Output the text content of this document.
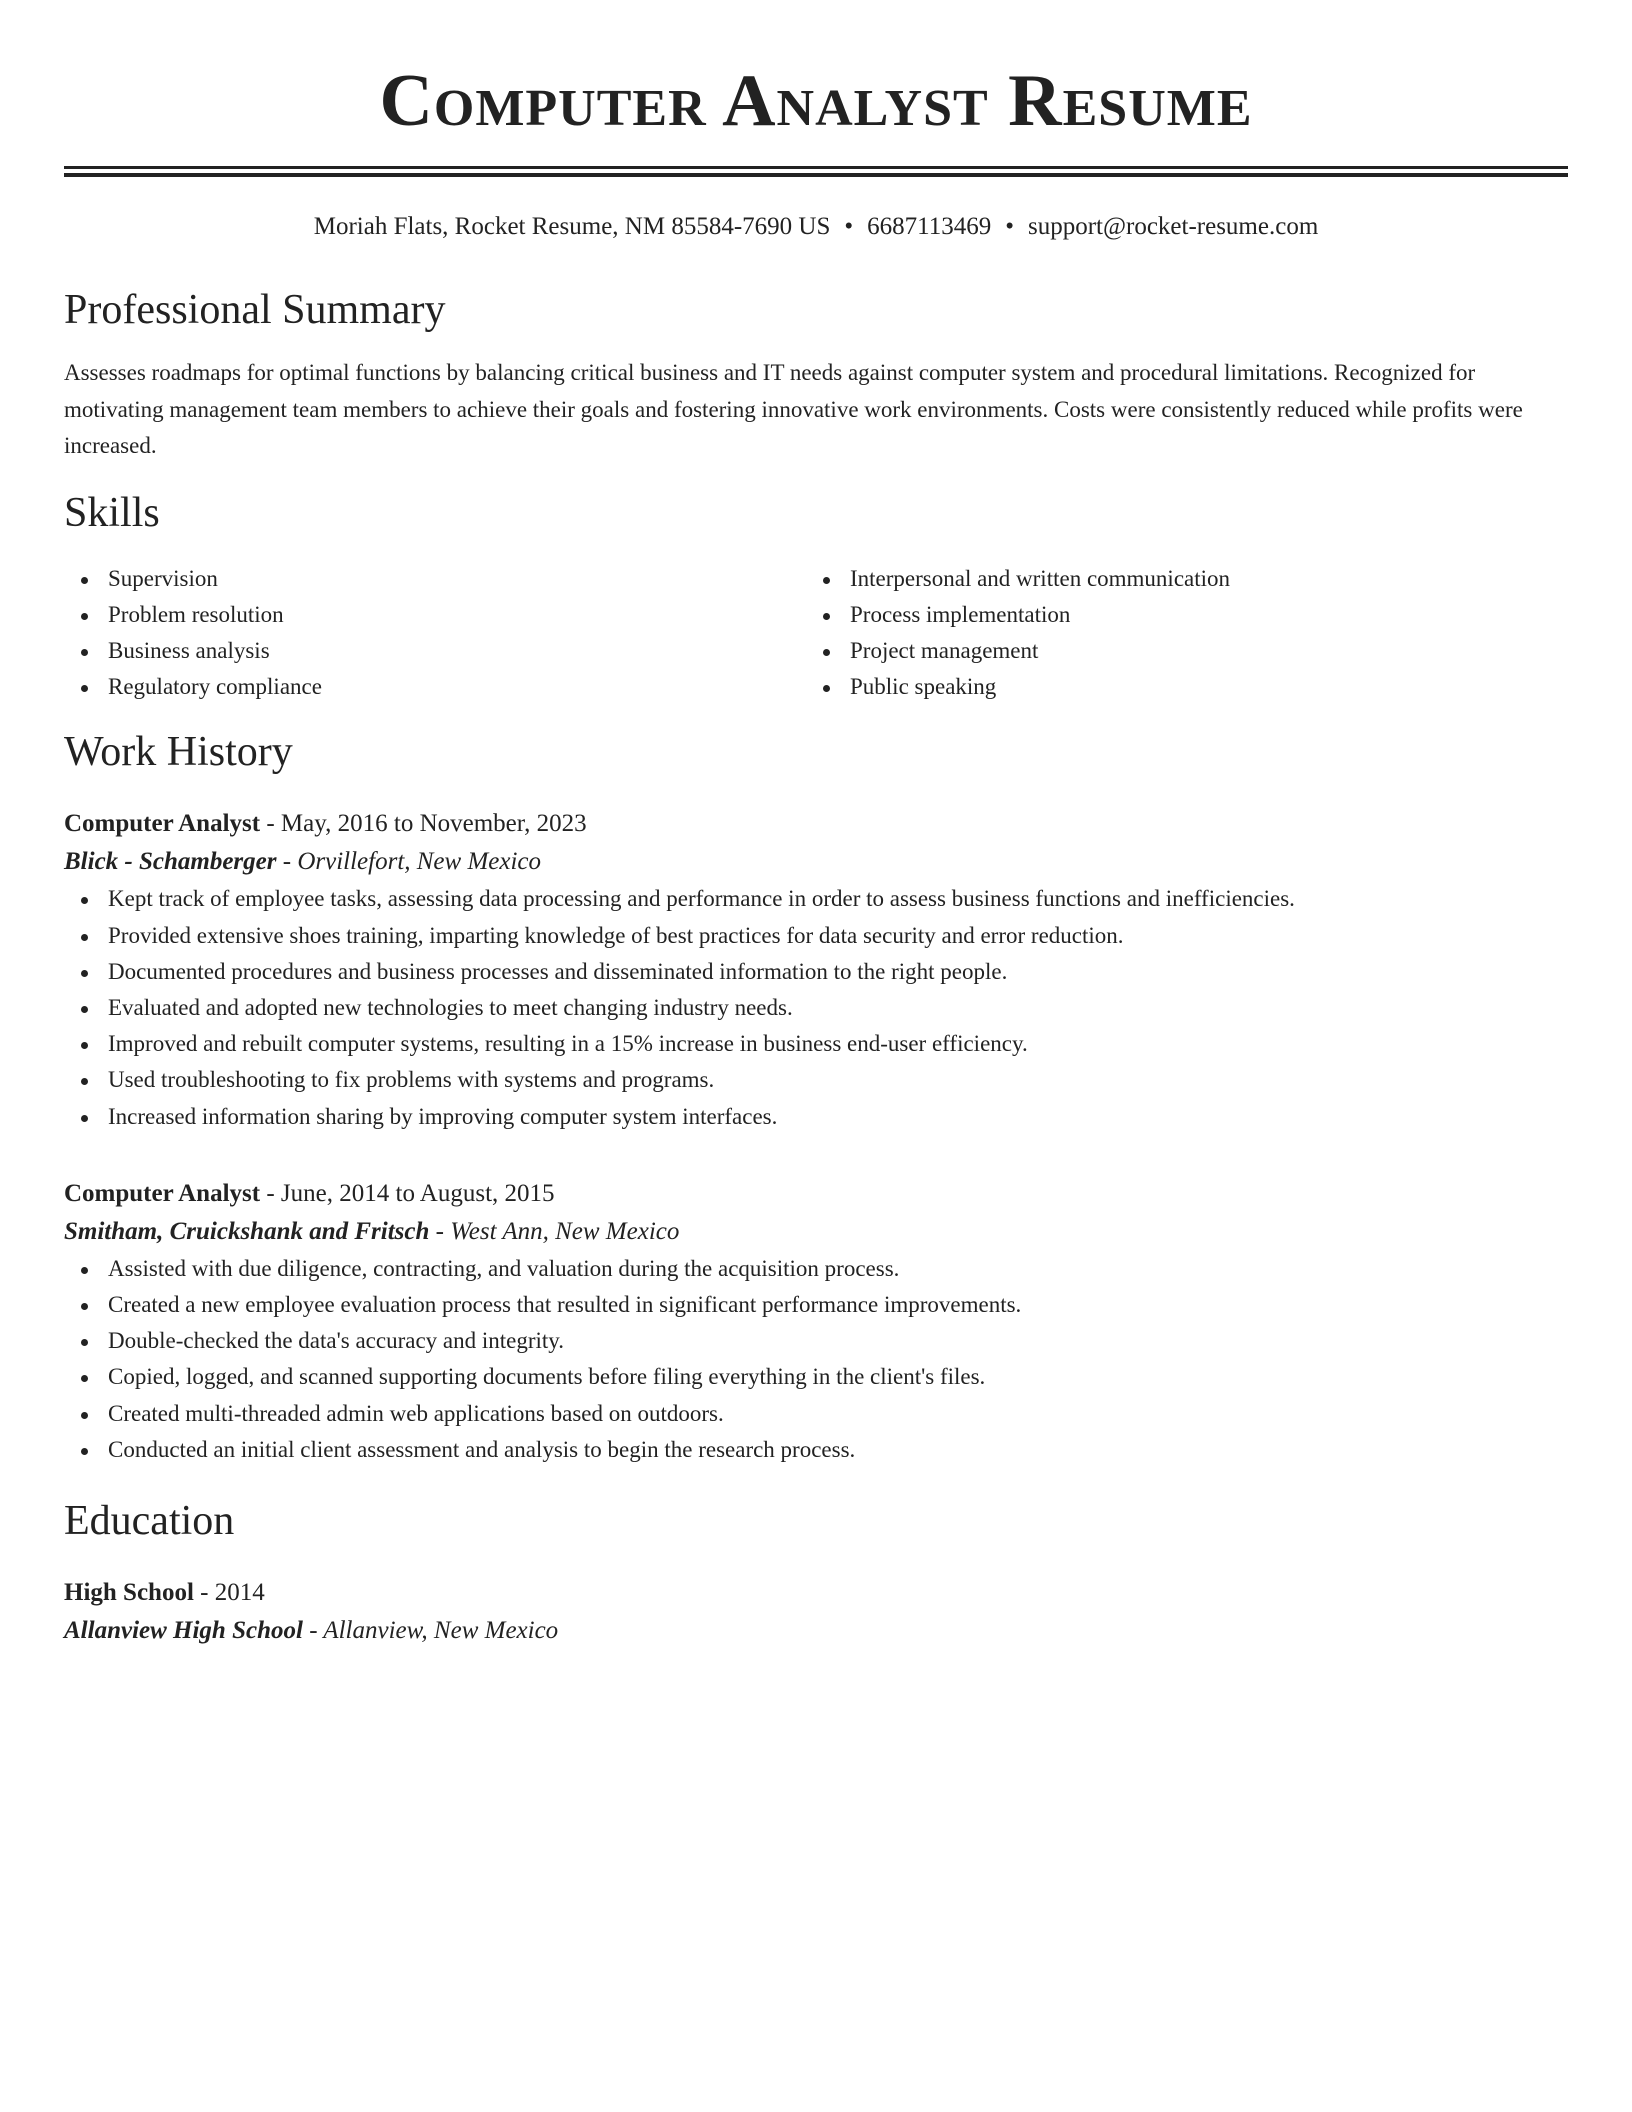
Computer Analyst Resume
Moriah Flats, Rocket Resume, NM 85584-7690 US • 6687113469 • support@rocket-resume.com
Professional Summary

Assesses roadmaps for optimal functions by balancing critical business and IT needs against computer system and procedural limitations. Recognized for motivating management team members to achieve their goals and fostering innovative work environments. Costs were consistently reduced while profits were increased.

Skills
Supervision
Problem resolution
Business analysis
Regulatory compliance
Interpersonal and written communication
Process implementation
Project management
Public speaking
Work History
Computer Analyst - May, 2016 to November, 2023
Blick - Schamberger - Orvillefort, New Mexico
Kept track of employee tasks, assessing data processing and performance in order to assess business functions and inefficiencies.
Provided extensive shoes training, imparting knowledge of best practices for data security and error reduction.
Documented procedures and business processes and disseminated information to the right people.
Evaluated and adopted new technologies to meet changing industry needs.
Improved and rebuilt computer systems, resulting in a 15% increase in business end-user efficiency.
Used troubleshooting to fix problems with systems and programs.
Increased information sharing by improving computer system interfaces.
Computer Analyst - June, 2014 to August, 2015
Smitham, Cruickshank and Fritsch - West Ann, New Mexico
Assisted with due diligence, contracting, and valuation during the acquisition process.
Created a new employee evaluation process that resulted in significant performance improvements.
Double-checked the data's accuracy and integrity.
Copied, logged, and scanned supporting documents before filing everything in the client's files.
Created multi-threaded admin web applications based on outdoors.
Conducted an initial client assessment and analysis to begin the research process.
Education
High School - 2014
Allanview High School - Allanview, New Mexico
